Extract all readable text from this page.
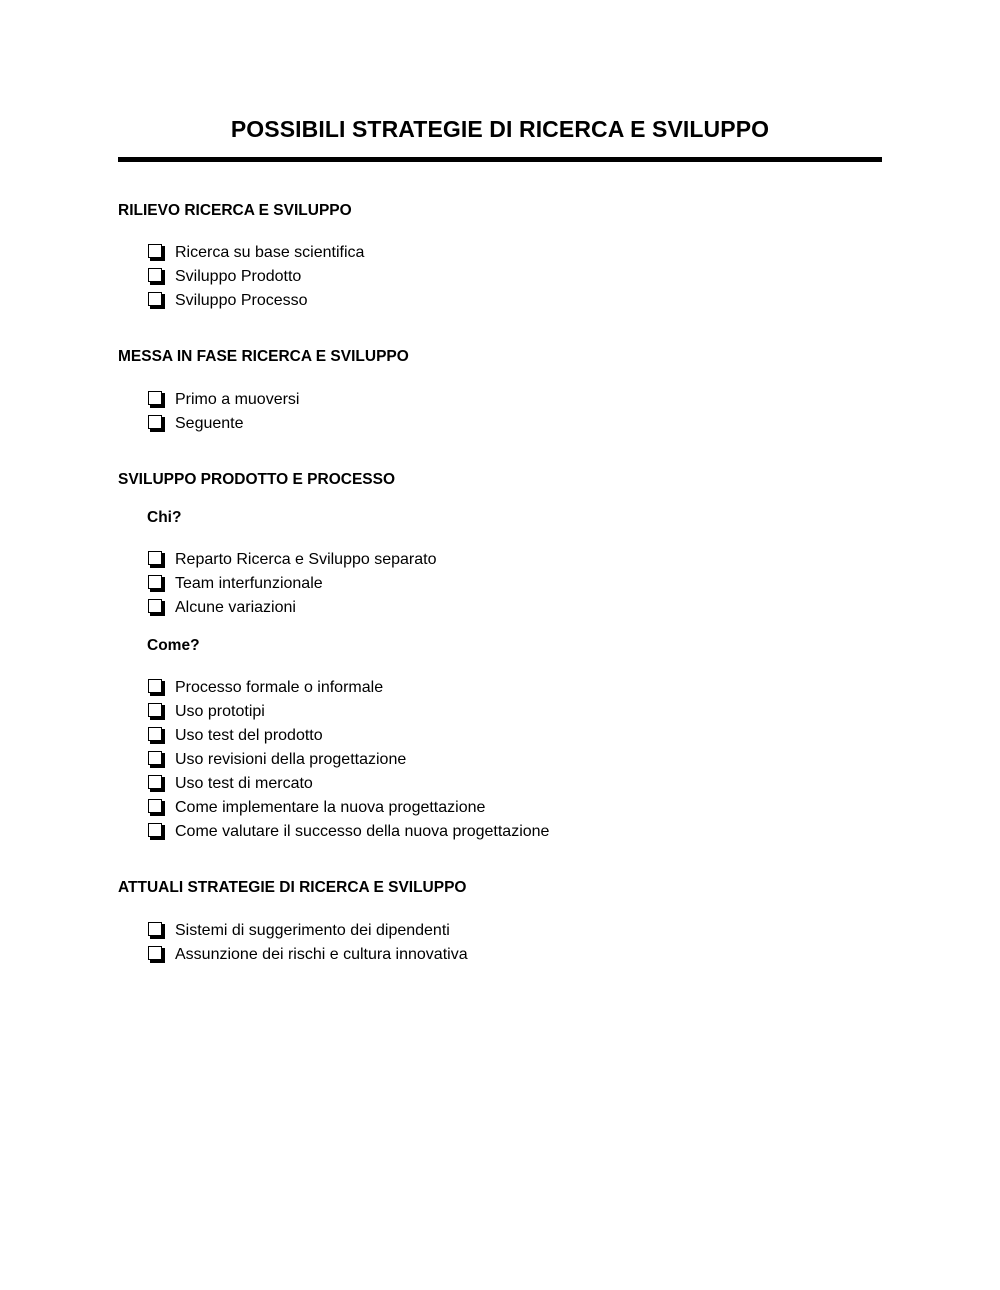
POSSIBILI STRATEGIE DI RICERCA E SVILUPPO
RILIEVO RICERCA E SVILUPPO
Ricerca su base scientifica
Sviluppo Prodotto
Sviluppo Processo
MESSA IN FASE RICERCA E SVILUPPO
Primo a muoversi
Seguente
SVILUPPO PRODOTTO E PROCESSO
Chi?
Reparto Ricerca e Sviluppo separato
Team interfunzionale
Alcune variazioni
Come?
Processo formale o informale
Uso prototipi
Uso test del prodotto
Uso revisioni della progettazione
Uso test di mercato
Come implementare la nuova progettazione
Come valutare il successo della nuova progettazione
ATTUALI STRATEGIE DI RICERCA E SVILUPPO
Sistemi di suggerimento dei dipendenti
Assunzione dei rischi e cultura innovativa
